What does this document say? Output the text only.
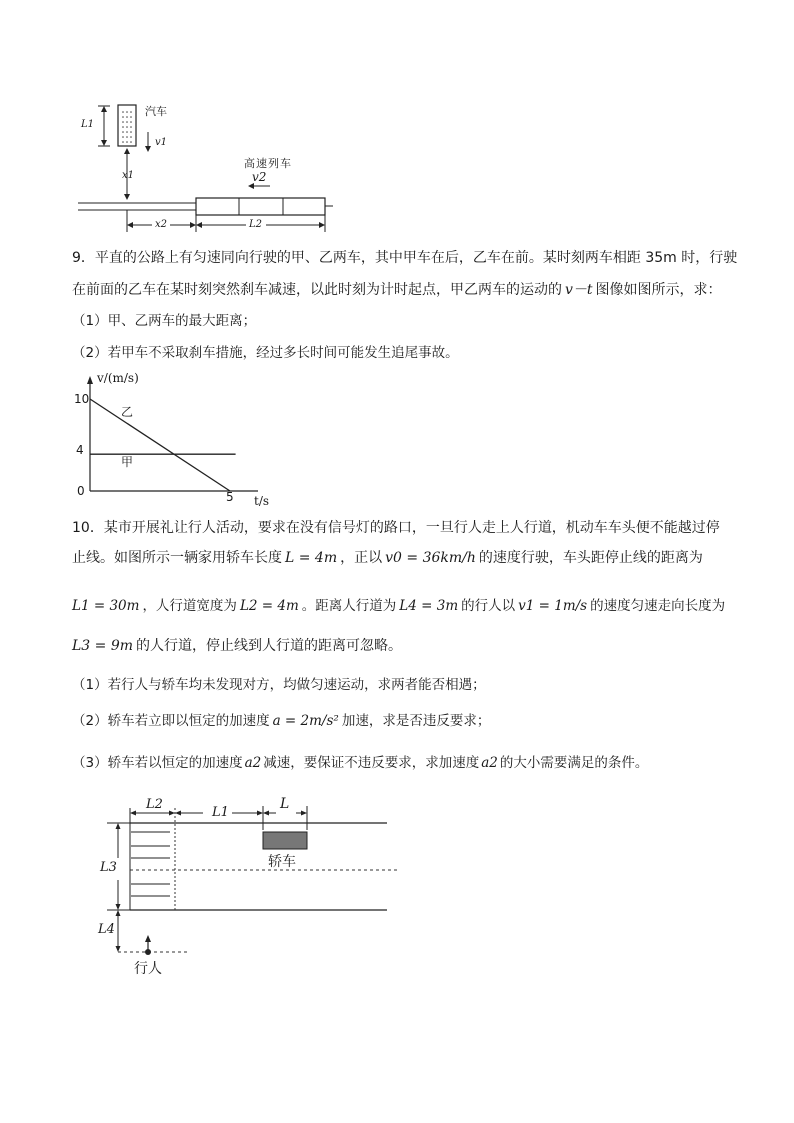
汽车
v1
L1
x1
高速列车
v2
x2	L2
9．平直的公路上有匀速同向行驶的甲、乙两车，其中甲车在后，乙车在前。某时刻两车相距 35m 时，行驶
在前面的乙车在某时刻突然刹车减速，以此时刻为计时起点，甲乙两车的运动的 v－t 图像如图所示，求：
（1）甲、乙两车的最大距离；
（2）若甲车不采取刹车措施，经过多长时间可能发生追尾事故。
v/(m/s)
t/s
10
4
0	5
乙
甲
10．某市开展礼让行人活动，要求在没有信号灯的路口，一旦行人走上人行道，机动车车头便不能越过停
止线。如图所示一辆家用轿车长度 L = 4m ，正以 v0 = 36km/h 的速度行驶，车头距停止线的距离为
L1 = 30m ，人行道宽度为 L2 = 4m 。距离人行道为 L4 = 3m 的行人以 v1 = 1m/s 的速度匀速走向长度为
L3 = 9m 的人行道，停止线到人行道的距离可忽略。
（1）若行人与轿车均未发现对方，均做匀速运动，求两者能否相遇；
（2）轿车若立即以恒定的加速度 a = 2m/s² 加速，求是否违反要求；
（3）轿车若以恒定的加速度 a2 减速，要保证不违反要求，求加速度 a2 的大小需要满足的条件。
L2
L1
L
L3
L4
轿车
行人
